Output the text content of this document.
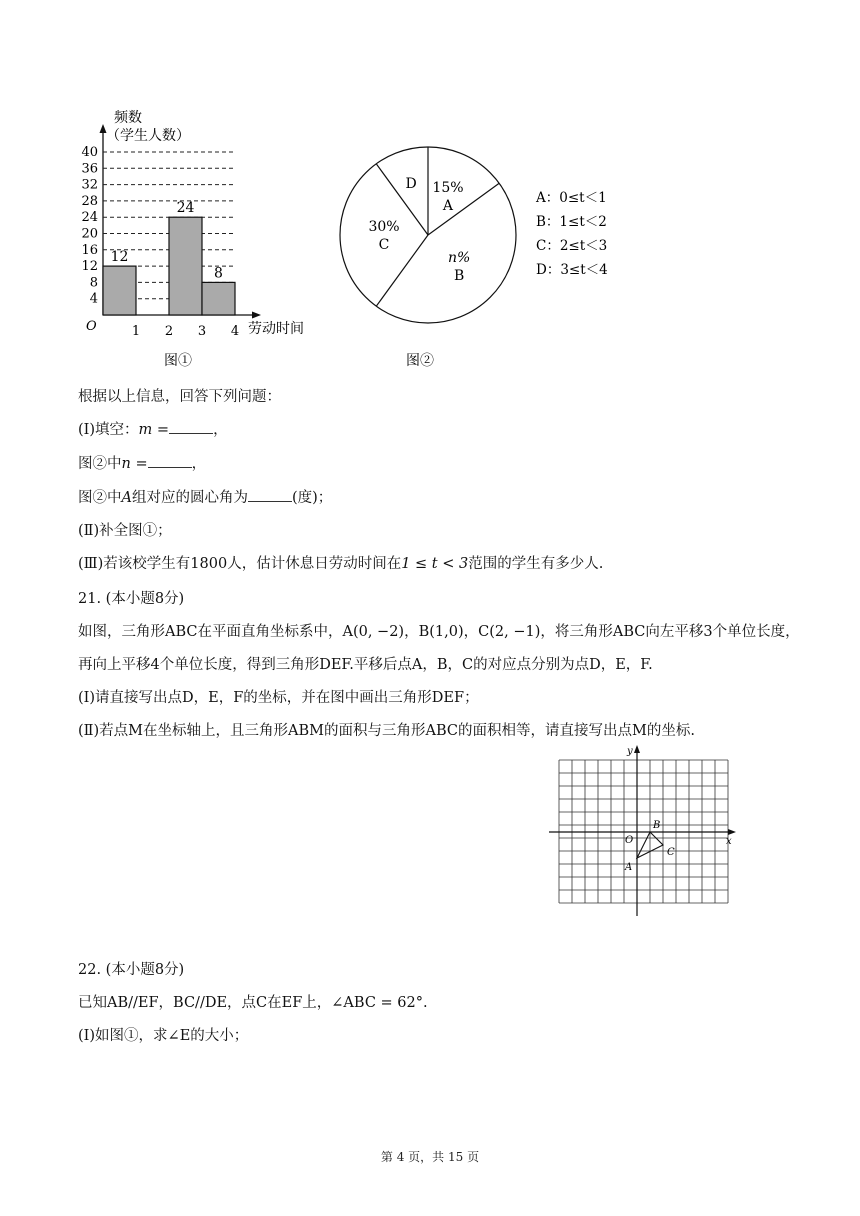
频数
（学生人数）
40
36
32
28
24
20
16
12
8
4
12
24
8
1 2 3 4
O	劳动时间
图①
15%
A
n%
B
30%
C
D
图②
A：0≤t＜1
B：1≤t＜2
C：2≤t＜3
D：3≤t＜4
根据以上信息，回答下列问题：
(I)填空：m =	，
图②中n =	，
图②中A组对应的圆心角为	(度)；
(Ⅱ)补全图①；
(Ⅲ)若该校学生有1800人，估计休息日劳动时间在1 ≤ t < 3范围的学生有多少人.
21. (本小题8分)
如图，三角形ABC在平面直角坐标系中，A(0, −2)，B(1,0)，C(2, −1)，将三角形ABC向左平移3个单位长度，
再向上平移4个单位长度，得到三角形DEF.平移后点A，B，C的对应点分别为点D，E，F.
(I)请直接写出点D，E，F的坐标，并在图中画出三角形DEF；
(Ⅱ)若点M在坐标轴上，且三角形ABM的面积与三角形ABC的面积相等，请直接写出点M的坐标.
x
y
O
A
B
C
22. (本小题8分)
已知AB//EF，BC//DE，点C在EF上，∠ABC = 62°.
(I)如图①，求∠E的大小；
第 4 页，共 15 页
